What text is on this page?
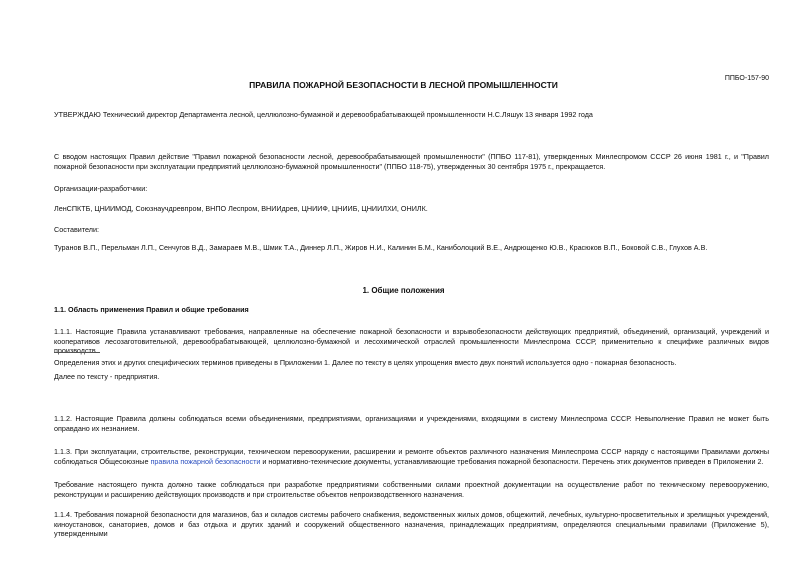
ППБО-157-90
ПРАВИЛА ПОЖАРНОЙ БЕЗОПАСНОСТИ В ЛЕСНОЙ ПРОМЫШЛЕННОСТИ

УТВЕРЖДАЮ Технический директор Департамента лесной, целлюлозно-бумажной и деревообрабатывающей промышленности Н.С.Ляшук 13 января 1992 года

С вводом настоящих Правил действие "Правил пожарной безопасности лесной, деревообрабатывающей промышленности" (ППБО 117-81), утвержденных Минлеспромом СССР 26 июня 1981 г., и "Правил пожарной безопасности при эксплуатации предприятий целлюлозно-бумажной промышленности" (ППБО 118-75), утвержденных 30 сентября 1975 г., прекращается.

Организации-разработчики:

ЛенСПКТБ, ЦНИИМОД, Союзнаучдревпром, ВНПО Леспром, ВНИИдрев, ЦНИИФ, ЦНИИБ, ЦНИИЛХИ, ОНИЛК.

Составители:

Туранов В.П., Перельман Л.П., Сенчугов В.Д., Замараев М.В., Шмик Т.А., Диннер Л.П., Жиров Н.И., Калинин Б.М., Каниболоцкий В.Е., Андрющенко Ю.В., Красюков В.П., Боковой С.В., Глухов А.В.

1. Общие положения
1.1. Область применения Правил и общие требования

1.1.1. Настоящие Правила устанавливают требования, направленные на обеспечение пожарной безопасности и взрывобезопасности действующих предприятий, объединений, организаций, учреждений и кооперативов лесозаготовительной, деревообрабатывающей, целлюлозно-бумажной и лесохимической отраслей промышленности Минлеспрома СССР, применительно к специфике различных видов производств.

Определения этих и других специфических терминов приведены в Приложении 1. Далее по тексту в целях упрощения вместо двух понятий используется одно - пожарная безопасность.

Далее по тексту - предприятия.

1.1.2. Настоящие Правила должны соблюдаться всеми объединениями, предприятиями, организациями и учреждениями, входящими в систему Минлеспрома СССР. Невыполнение Правил не может быть оправдано их незнанием.

1.1.3. При эксплуатации, строительстве, реконструкции, техническом перевооружении, расширении и ремонте объектов различного назначения Минлеспрома СССР наряду с настоящими Правилами должны соблюдаться Общесоюзные правила пожарной безопасности и нормативно-технические документы, устанавливающие требования пожарной безопасности. Перечень этих документов приведен в Приложении 2.

Требование настоящего пункта должно также соблюдаться при разработке предприятиями собственными силами проектной документации на осуществление работ по техническому перевооружению, реконструкции и расширению действующих производств и при строительстве объектов непроизводственного назначения.

1.1.4. Требования пожарной безопасности для магазинов, баз и складов системы рабочего снабжения, ведомственных жилых домов, общежитий, лечебных, культурно-просветительных и зрелищных учреждений, киноустановок, санаториев, домов и баз отдыха и других зданий и сооружений общественного назначения, принадлежащих предприятиям, определяются специальными правилами (Приложение 5), утвержденными
